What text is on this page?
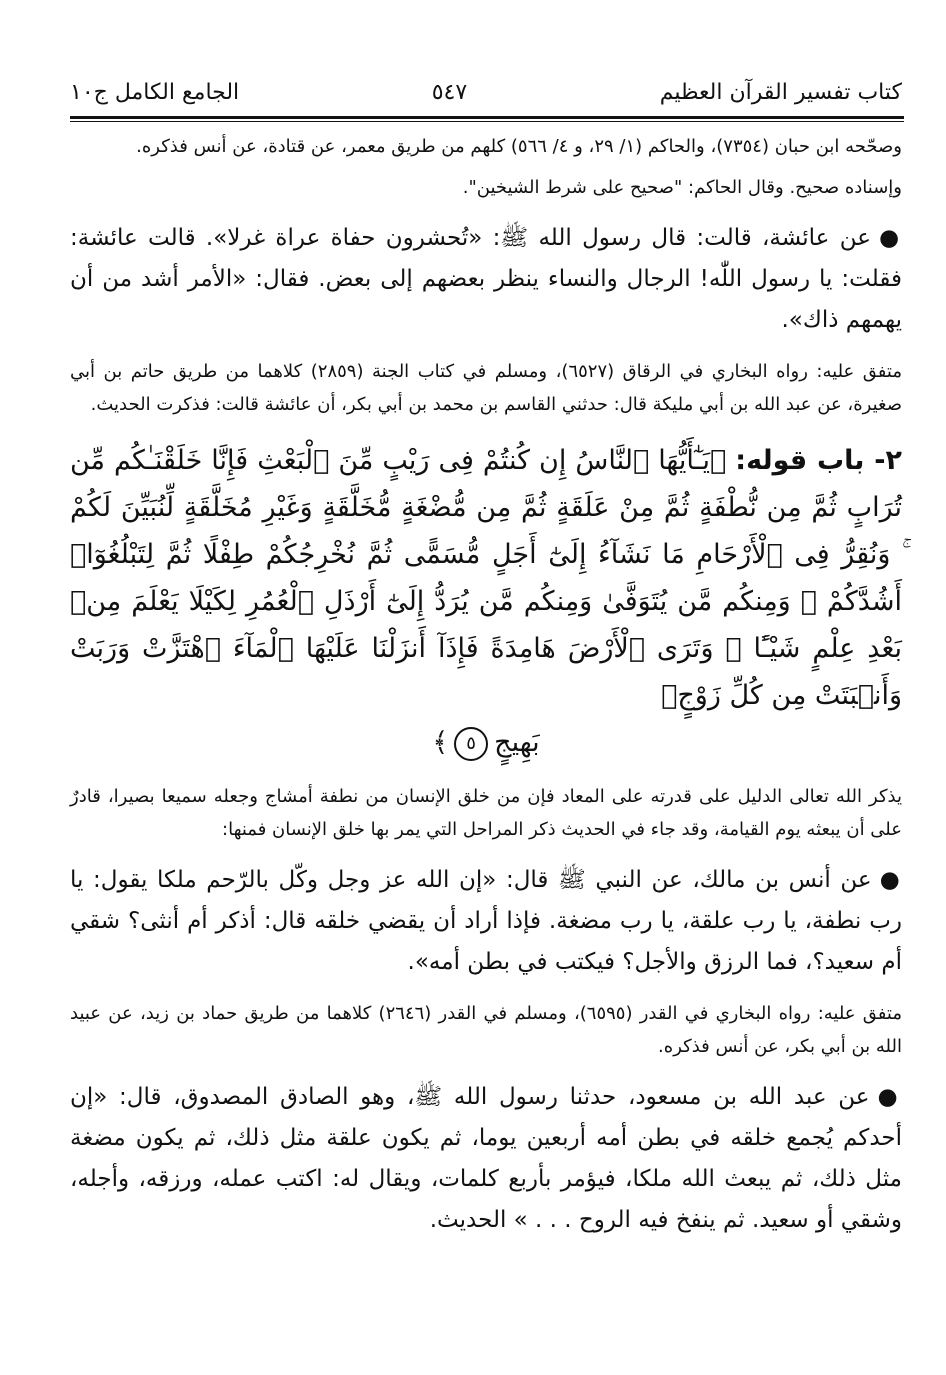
كتاب تفسير القرآن العظيم
٥٤٧
الجامع الكامل ج١٠

وصحّحه ابن حبان (٧٣٥٤)، والحاكم (١/ ٢٩، و ٤/ ٥٦٦) كلهم من طريق معمر، عن قتادة، عن أنس فذكره.

وإسناده صحيح. وقال الحاكم: "صحيح على شرط الشيخين".

●عن عائشة، قالت: قال رسول الله ﷺ: «تُحشرون حفاة عراة غرلا». قالت عائشة: فقلت: يا رسول اللّٰه! الرجال والنساء ينظر بعضهم إلى بعض. فقال: «الأمر أشد من أن يهمهم ذاك».

متفق عليه: رواه البخاري في الرقاق (٦٥٢٧)، ومسلم في كتاب الجنة (٢٨٥٩) كلاهما من طريق حاتم بن أبي صغيرة، عن عبد الله بن أبي مليكة قال: حدثني القاسم بن محمد بن أبي بكر، أن عائشة قالت: فذكرت الحديث.

٢- باب قوله: ﴿يَـٰٓأَيُّهَا ٱلنَّاسُ إِن كُنتُمْ فِى رَيْبٍ مِّنَ ٱلْبَعْثِ فَإِنَّا خَلَقْنَـٰكُم مِّن تُرَابٍ ثُمَّ مِن نُّطْفَةٍ ثُمَّ مِنْ عَلَقَةٍ ثُمَّ مِن مُّضْغَةٍ مُّخَلَّقَةٍ وَغَيْرِ مُخَلَّقَةٍ لِّنُبَيِّنَ لَكُمْ ۚ وَنُقِرُّ فِى ٱلْأَرْحَامِ مَا نَشَآءُ إِلَىٰٓ أَجَلٍ مُّسَمًّى ثُمَّ نُخْرِجُكُمْ طِفْلًا ثُمَّ لِتَبْلُغُوٓا۟ أَشُدَّكُمْ ۖ وَمِنكُم مَّن يُتَوَفَّىٰ وَمِنكُم مَّن يُرَدُّ إِلَىٰٓ أَرْذَلِ ٱلْعُمُرِ لِكَيْلَا يَعْلَمَ مِنۢ بَعْدِ عِلْمٍ شَيْـًٔا ۚ وَتَرَى ٱلْأَرْضَ هَامِدَةً فَإِذَآ أَنزَلْنَا عَلَيْهَا ٱلْمَآءَ ٱهْتَزَّتْ وَرَبَتْ وَأَنۢبَتَتْ مِن كُلِّ زَوْجٍۭ

بَهِيجٍ٥﴾

يذكر الله تعالى الدليل على قدرته على المعاد فإن من خلق الإنسان من نطفة أمشاج وجعله سميعا بصيرا، قادرٌ على أن يبعثه يوم القيامة، وقد جاء في الحديث ذكر المراحل التي يمر بها خلق الإنسان فمنها:

●عن أنس بن مالك، عن النبي ﷺ قال: «إن الله عز وجل وكّل بالرّحم ملكا يقول: يا رب نطفة، يا رب علقة، يا رب مضغة. فإذا أراد أن يقضي خلقه قال: أذكر أم أنثى؟ شقي أم سعيد؟، فما الرزق والأجل؟ فيكتب في بطن أمه».

متفق عليه: رواه البخاري في القدر (٦٥٩٥)، ومسلم في القدر (٢٦٤٦) كلاهما من طريق حماد بن زيد، عن عبيد الله بن أبي بكر، عن أنس فذكره.

●عن عبد الله بن مسعود، حدثنا رسول الله ﷺ، وهو الصادق المصدوق، قال: «إن أحدكم يُجمع خلقه في بطن أمه أربعين يوما، ثم يكون علقة مثل ذلك، ثم يكون مضغة مثل ذلك، ثم يبعث الله ملكا، فيؤمر بأربع كلمات، ويقال له: اكتب عمله، ورزقه، وأجله، وشقي أو سعيد. ثم ينفخ فيه الروح . . . » الحديث.
